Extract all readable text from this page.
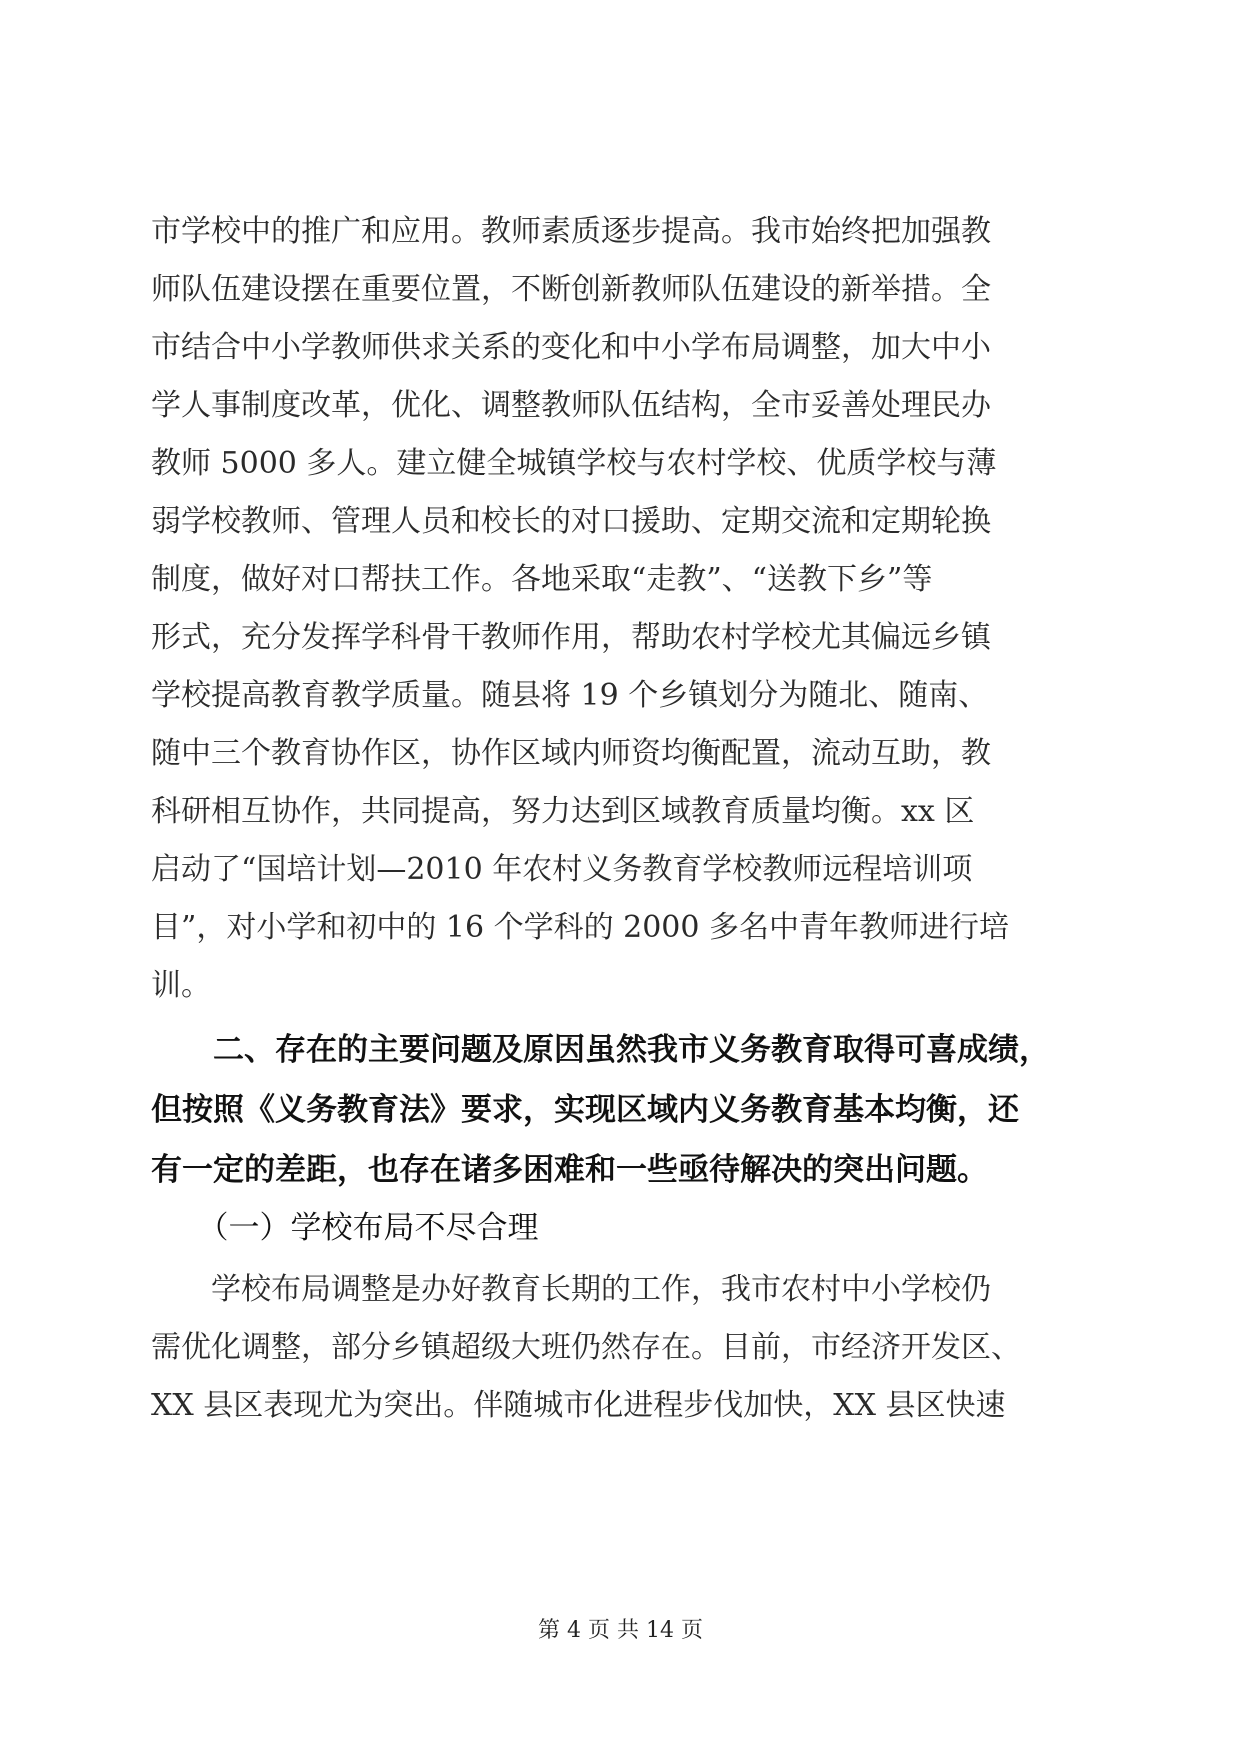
市学校中的推广和应用。教师素质逐步提高。我市始终把加强教
师队伍建设摆在重要位置，不断创新教师队伍建设的新举措。全
市结合中小学教师供求关系的变化和中小学布局调整，加大中小
学人事制度改革，优化、调整教师队伍结构，全市妥善处理民办
教师 5000 多人。建立健全城镇学校与农村学校、优质学校与薄
弱学校教师、管理人员和校长的对口援助、定期交流和定期轮换
制度，做好对口帮扶工作。各地采取“走教”、“送教下乡”等
形式，充分发挥学科骨干教师作用，帮助农村学校尤其偏远乡镇
学校提高教育教学质量。随县将 19 个乡镇划分为随北、随南、
随中三个教育协作区，协作区域内师资均衡配置，流动互助，教
科研相互协作，共同提高，努力达到区域教育质量均衡。xx 区
启动了“国培计划—2010 年农村义务教育学校教师远程培训项
目”，对小学和初中的 16 个学科的 2000 多名中青年教师进行培
训。
　　二、存在的主要问题及原因虽然我市义务教育取得可喜成绩，
但按照《义务教育法》要求，实现区域内义务教育基本均衡，还
有一定的差距，也存在诸多困难和一些亟待解决的突出问题。
　　（一）学校布局不尽合理
　　学校布局调整是办好教育长期的工作，我市农村中小学校仍
需优化调整，部分乡镇超级大班仍然存在。目前，市经济开发区、
XX 县区表现尤为突出。伴随城市化进程步伐加快，XX 县区快速
第 4 页 共 14 页
